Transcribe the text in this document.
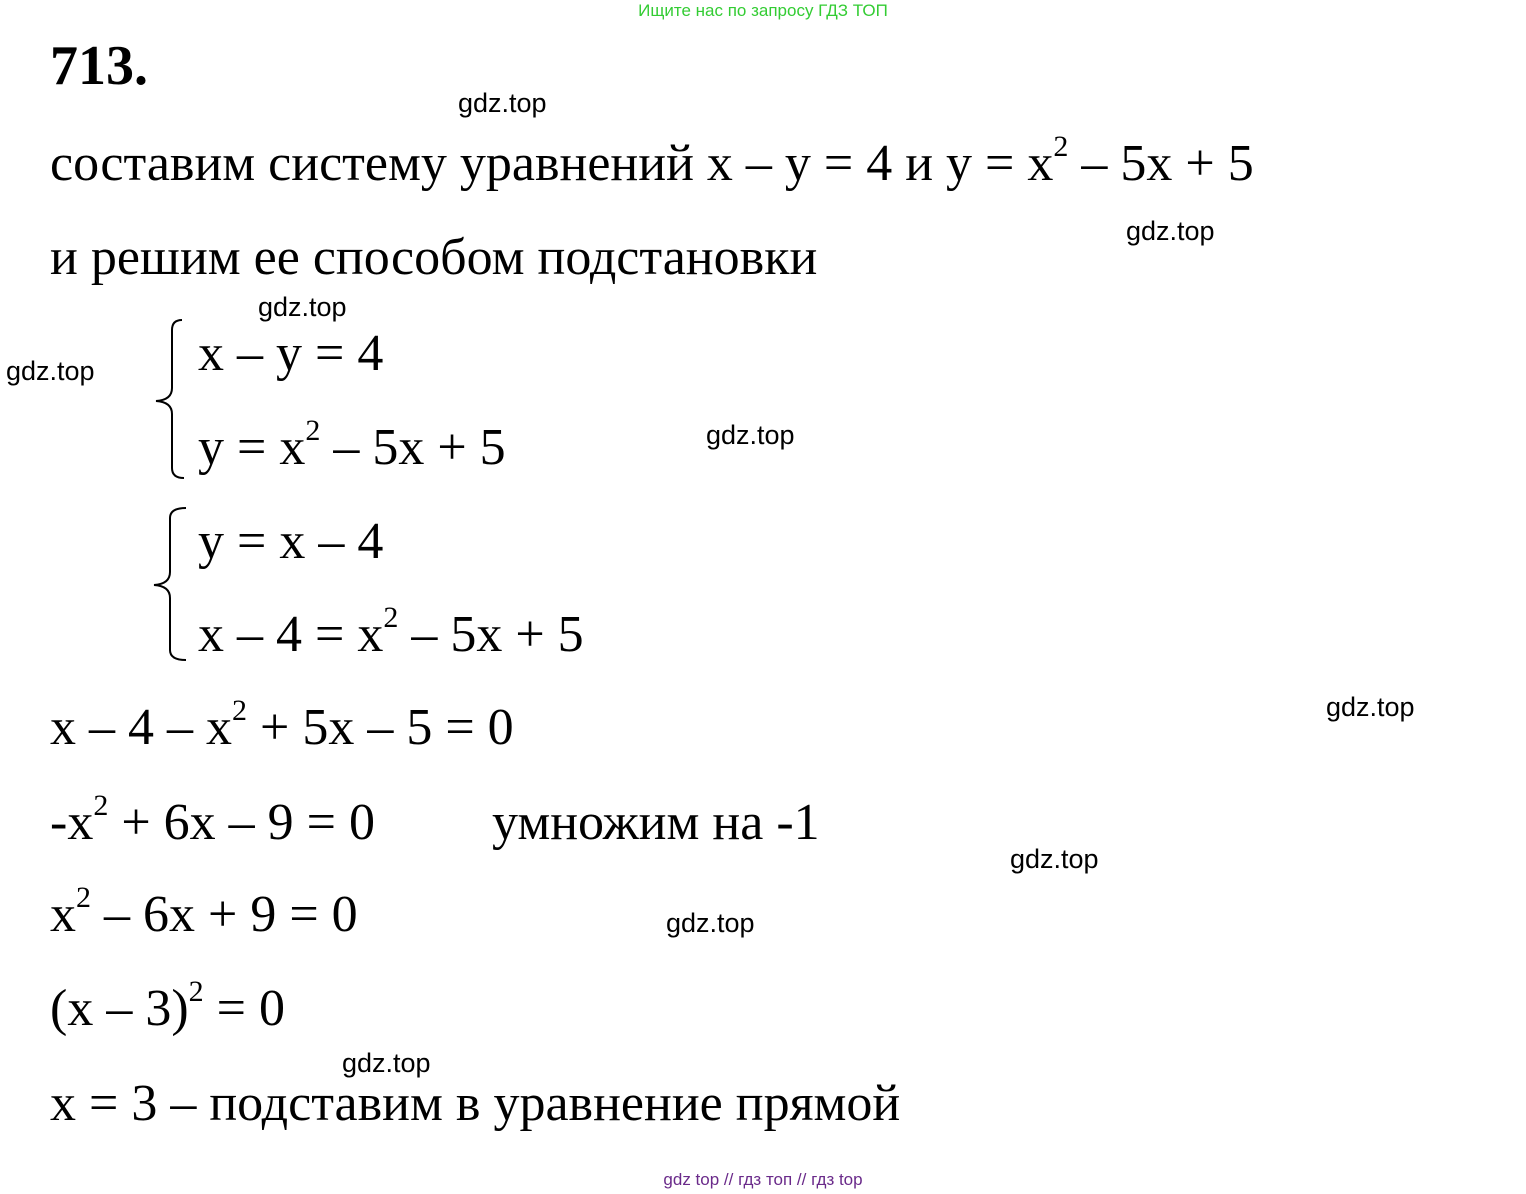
Ищите нас по запросу ГДЗ ТОП
713.
составим систему уравнений x – y = 4 и $y = x^2 - 5x + 5$
и решим ее способом подстановки
x – y = 4
$y = x^2 - 5x + 5$
y = x – 4
$x - 4 = x^2 - 5x + 5$
$x - 4 - x^2 + 5x - 5 = 0$
$-x^2 + 6x - 9 = 0$ умножим на -1
$x^2 - 6x + 9 = 0$
(x – 3)$^2$ = 0
x = 3 – подставим в уравнение прямой
gdz.top
gdz.top
gdz.top
gdz.top
gdz.top
gdz.top
gdz.top
gdz.top
gdz.top
gdz top // гдз топ // гдз top
